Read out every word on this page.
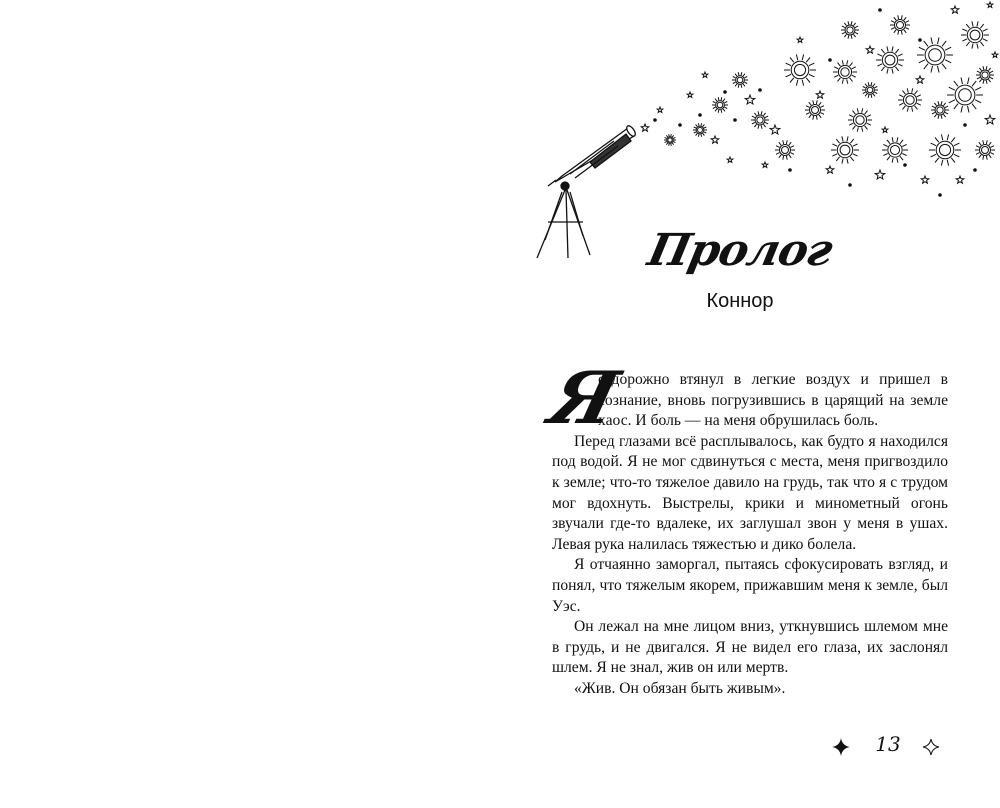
Пролог
Коннор

Я
судорожно втянул в легкие воздух и пришел в сознание, вновь погрузившись в царящий на земле хаос. И боль — на меня обрушилась боль.

Перед глазами всё расплывалось, как будто я находился под водой. Я не мог сдвинуться с места, меня пригвоздило к земле; что-то тяжелое давило на грудь, так что я с трудом мог вдохнуть. Выстрелы, крики и минометный огонь звучали где-то вдалеке, их заглушал звон у меня в ушах. Левая рука налилась тяжестью и дико болела.

Я отчаянно заморгал, пытаясь сфокусировать взгляд, и понял, что тяжелым якорем, прижавшим меня к земле, был Уэс.

Он лежал на мне лицом вниз, уткнувшись шлемом мне в грудь, и не двигался. Я не видел его глаза, их заслонял шлем. Я не знал, жив он или мертв.

«Жив. Он обязан быть живым».

13
